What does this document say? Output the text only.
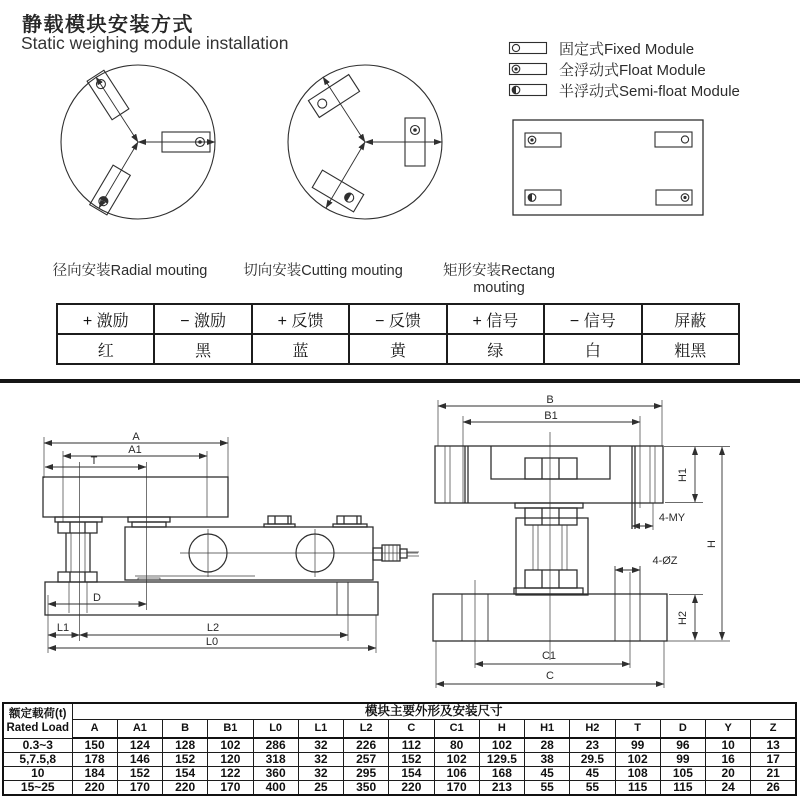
静载模块安装方式
Static weighing module installation	固定式Fixed Module
全浮动式Float Module
半浮动式Semi-float Module
径向安装Radial mouting 切向安装Cutting mouting	矩形安装Rectang mouting
+ 激励	− 激励	+ 反馈	− 反馈	+ 信号	− 信号	屏蔽
红	黑	蓝	黄	绿	白	粗黑
A
A1
T
D
L1	L2
L0
B
B1
H1
4-MY
H
4-ØZ
H2
C1
C
额定载荷(t)
Rated Load	模块主要外形及安装尺寸															
	A	A1	B	B1	L0	L1	L2	C	C1	H	H1	H2	T	D	Y	Z
0.3~3	150	124	128	102	286	32	226	112	80	102	28	23	99	96	10	13
5,7.5,8	178	146	152	120	318	32	257	152	102	129.5	38	29.5	102	99	16	17
10	184	152	154	122	360	32	295	154	106	168	45	45	108	105	20	21
15~25	220	170	220	170	400	25	350	220	170	213	55	55	115	115	24	26
